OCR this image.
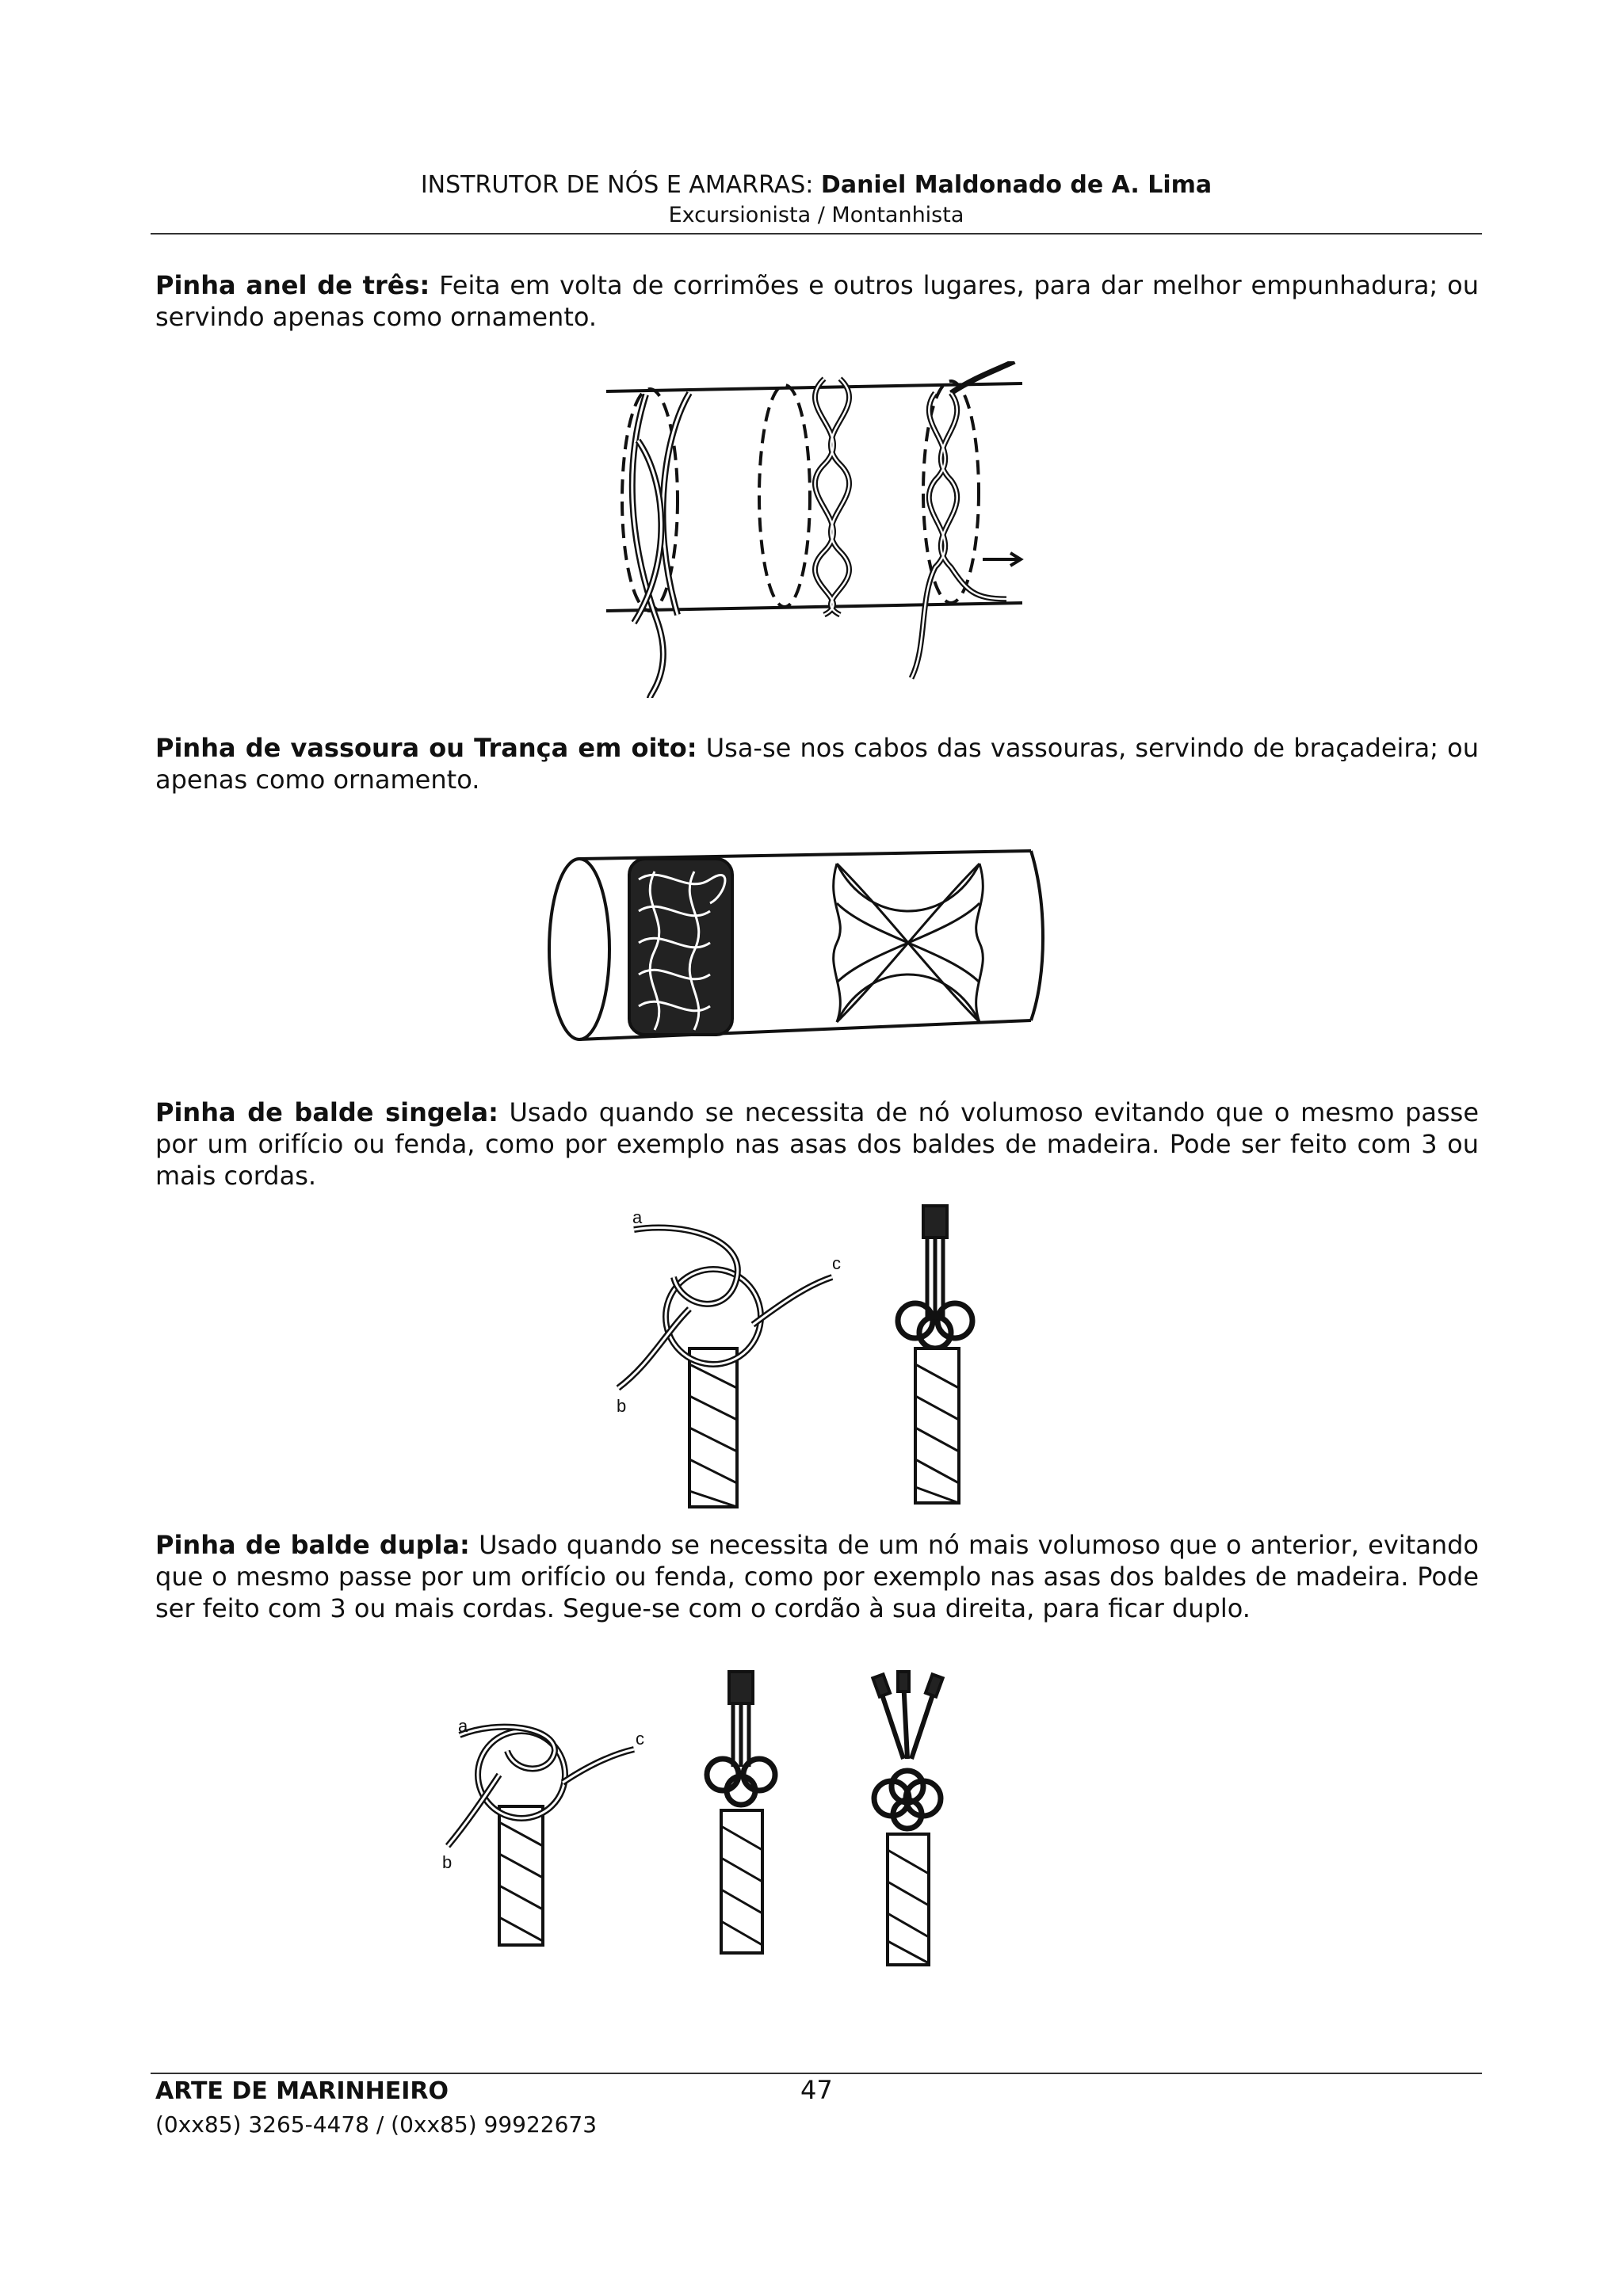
INSTRUTOR DE NÓS E AMARRAS: Daniel Maldonado de A. Lima
Excursionista / Montanhista
Pinha anel de três: Feita em volta de corrimões e outros lugares, para dar melhor empunhadura; ou servindo apenas como ornamento.
Pinha de vassoura ou Trança em oito: Usa-se nos cabos das vassouras, servindo de braçadeira; ou apenas como ornamento.
Pinha de balde singela: Usado quando se necessita de nó volumoso evitando que o mesmo passe por um orifício ou fenda, como por exemplo nas asas dos baldes de madeira. Pode ser feito com 3 ou mais cordas.
a
b
c
Pinha de balde dupla: Usado quando se necessita de um nó mais volumoso que o anterior, evitando que o mesmo passe por um orifício ou fenda, como por exemplo nas asas dos baldes de madeira. Pode ser feito com 3 ou mais cordas. Segue-se com o cordão à sua direita, para ficar duplo.
a
b
c
ARTE DE MARINHEIRO
(0xx85) 3265-4478 / (0xx85) 99922673
47
